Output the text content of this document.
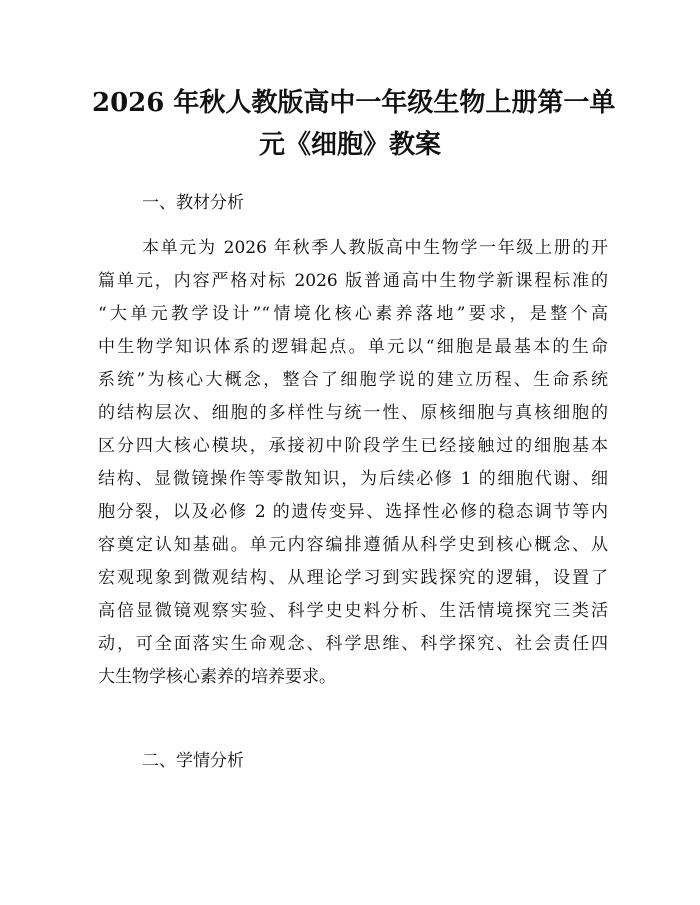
2026 年秋人教版高中一年级生物上册第一单
元《细胞》教案
一、教材分析
本单元为 2026 年秋季人教版高中生物学一年级上册的开
篇单元，内容严格对标 2026 版普通高中生物学新课程标准的
“大单元教学设计”“情境化核心素养落地”要求，是整个高
中生物学知识体系的逻辑起点。单元以“细胞是最基本的生命
系统”为核心大概念，整合了细胞学说的建立历程、生命系统
的结构层次、细胞的多样性与统一性、原核细胞与真核细胞的
区分四大核心模块，承接初中阶段学生已经接触过的细胞基本
结构、显微镜操作等零散知识，为后续必修 1 的细胞代谢、细
胞分裂，以及必修 2 的遗传变异、选择性必修的稳态调节等内
容奠定认知基础。单元内容编排遵循从科学史到核心概念、从
宏观现象到微观结构、从理论学习到实践探究的逻辑，设置了
高倍显微镜观察实验、科学史史料分析、生活情境探究三类活
动，可全面落实生命观念、科学思维、科学探究、社会责任四
大生物学核心素养的培养要求。
二、学情分析
